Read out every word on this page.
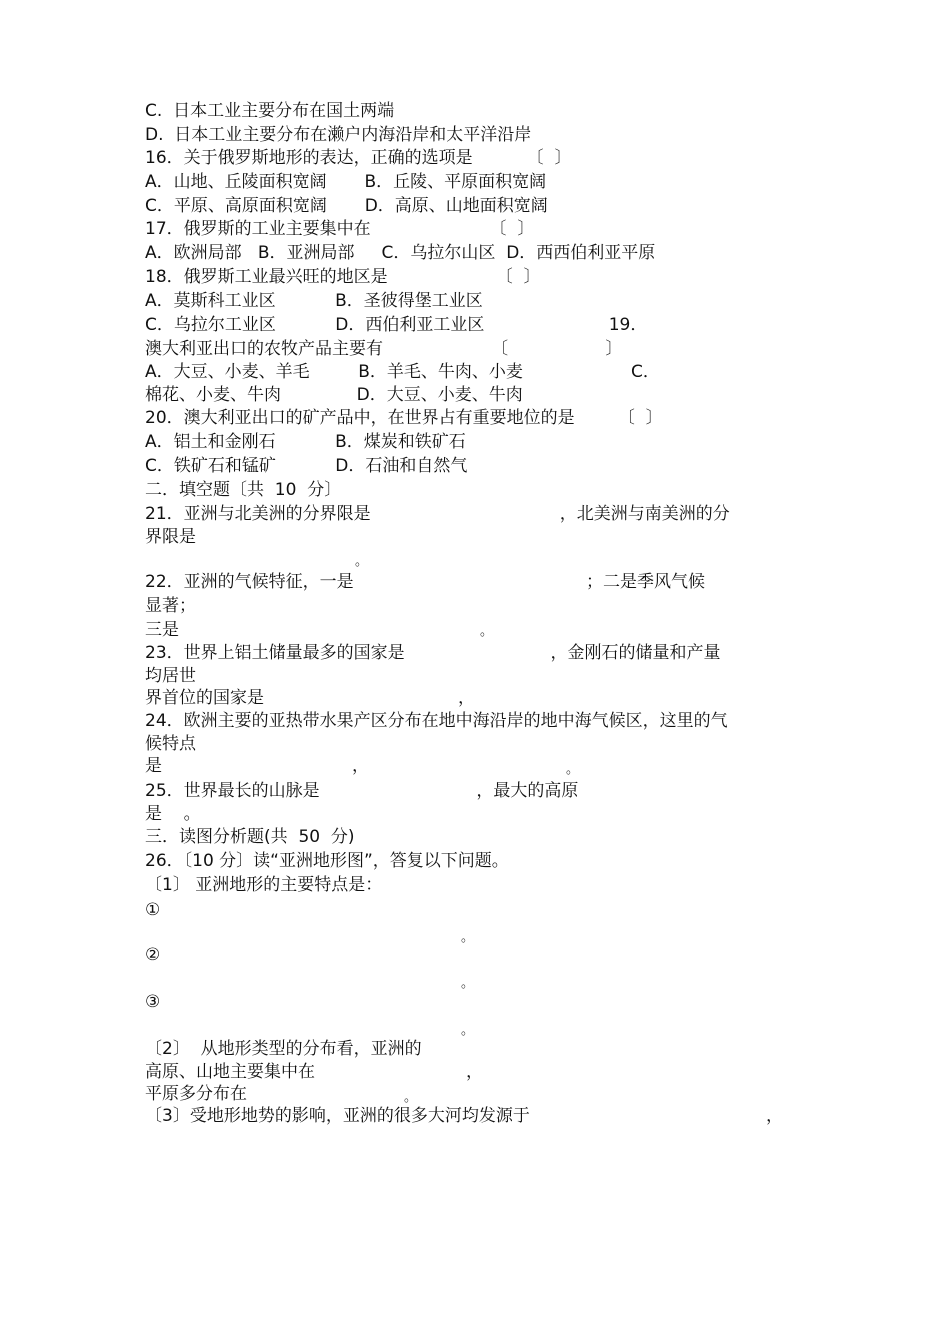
C.  日本工业主要分布在国土两端
D.  日本工业主要分布在濑户内海沿岸和太平洋沿岸
16．关于俄罗斯地形的表达，正确的选项是          〔  〕
A．山地、丘陵面积宽阔       B．丘陵、平原面积宽阔
C．平原、高原面积宽阔       D．高原、山地面积宽阔
17．俄罗斯的工业主要集中在                      〔  〕
A．欧洲局部   B．亚洲局部     C．乌拉尔山区  D．西西伯利亚平原
18．俄罗斯工业最兴旺的地区是                    〔  〕
A．莫斯科工业区           B．圣彼得堡工业区
C．乌拉尔工业区           D．西伯利亚工业区                       19．
澳大利亚出口的农牧产品主要有                    〔                  〕
A．大豆、小麦、羊毛         B．羊毛、牛肉、小麦                    C．
棉花、小麦、牛肉              D．大豆、小麦、牛肉
20．澳大利亚出口的矿产品中，在世界占有重要地位的是        〔  〕
A．铝土和金刚石           B．煤炭和铁矿石
C．铁矿石和锰矿           D．石油和自然气
二．填空题〔共  10  分〕
21．亚洲与北美洲的分界限是                                   ，北美洲与南美洲的分
界限是
。
22．亚洲的气候特征，一是                                           ；二是季风气候
显著；
三是	。
23．世界上铝土储量最多的国家是                           ，金刚石的储量和产量
均居世
界首位的国家是	，
24．欧洲主要的亚热带水果产区分布在地中海沿岸的地中海气候区，这里的气
候特点
是	，	。
25．世界最长的山脉是                             ，最大的高原
是    。
三．读图分析题(共  50  分)
26．〔10 分〕读“亚洲地形图”，答复以下问题。
〔1〕 亚洲地形的主要特点是：
①
。
②
。
③
。
〔2〕  从地形类型的分布看，亚洲的
高原、山地主要集中在	，
平原多分布在	。
〔3〕受地形地势的影响，亚洲的很多大河均发源于	，
